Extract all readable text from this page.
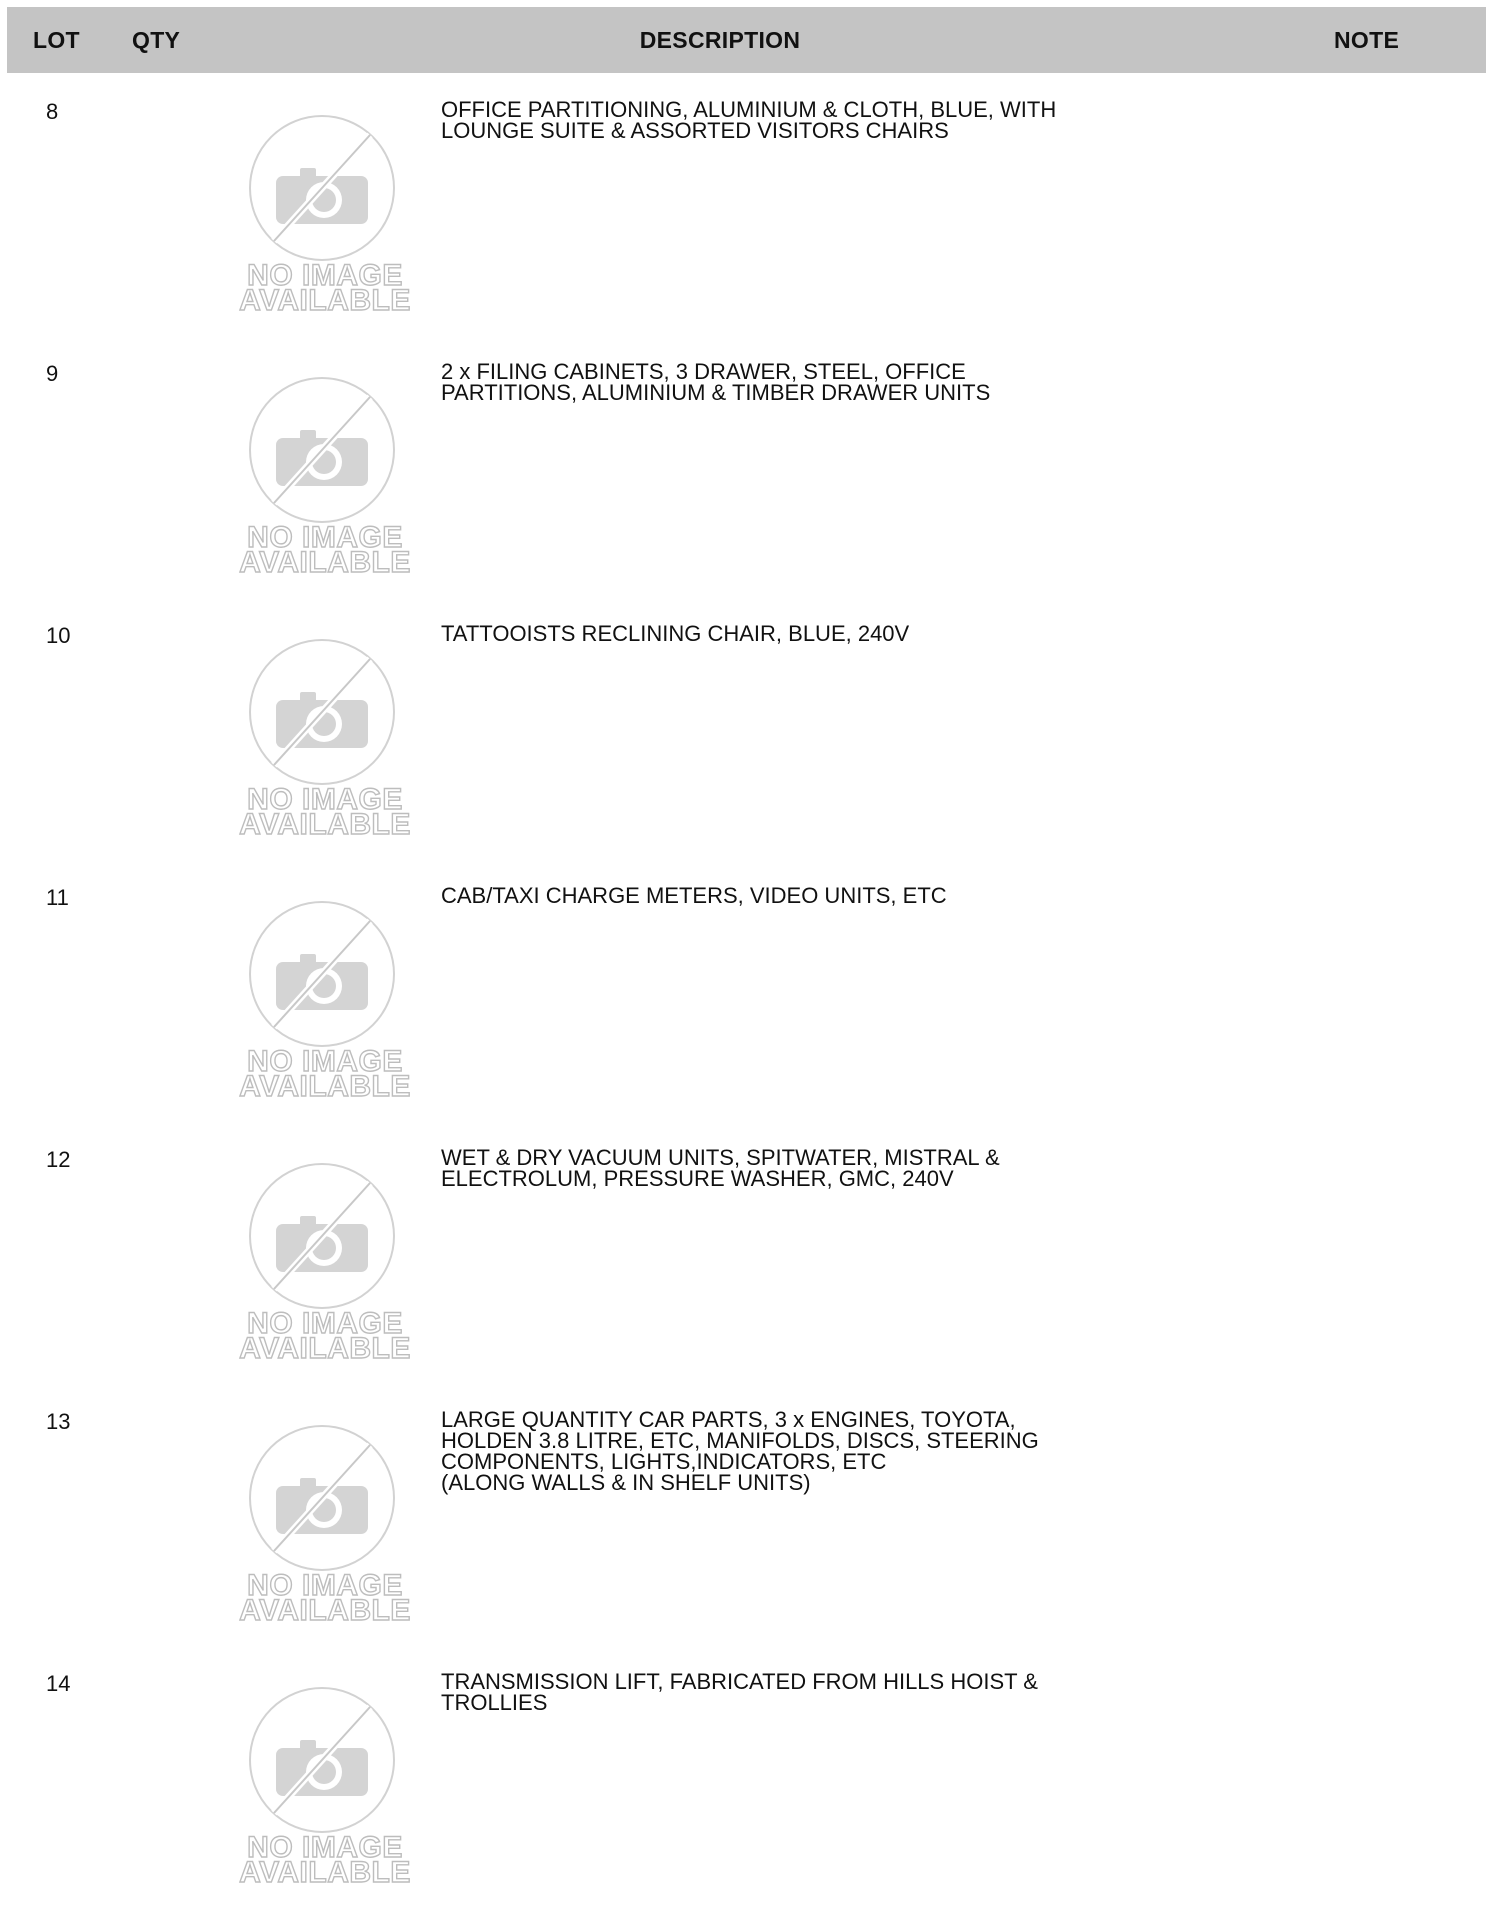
LOT QTY	DESCRIPTION	NOTE
8
NO IMAGE
AVAILABLE
OFFICE PARTITIONING, ALUMINIUM & CLOTH, BLUE, WITH
LOUNGE SUITE & ASSORTED VISITORS CHAIRS
9
NO IMAGE
AVAILABLE
2 x FILING CABINETS, 3 DRAWER, STEEL, OFFICE
PARTITIONS, ALUMINIUM & TIMBER DRAWER UNITS
10
NO IMAGE
AVAILABLE
TATTOOISTS RECLINING CHAIR, BLUE, 240V
11
NO IMAGE
AVAILABLE
CAB/TAXI CHARGE METERS, VIDEO UNITS, ETC
12
NO IMAGE
AVAILABLE
WET & DRY VACUUM UNITS, SPITWATER, MISTRAL &
ELECTROLUM, PRESSURE WASHER, GMC, 240V
13
NO IMAGE
AVAILABLE
LARGE QUANTITY CAR PARTS, 3 x ENGINES, TOYOTA,
HOLDEN 3.8 LITRE, ETC, MANIFOLDS, DISCS, STEERING
COMPONENTS, LIGHTS,INDICATORS, ETC
(ALONG WALLS & IN SHELF UNITS)
14
NO IMAGE
AVAILABLE
TRANSMISSION LIFT, FABRICATED FROM HILLS HOIST &
TROLLIES
